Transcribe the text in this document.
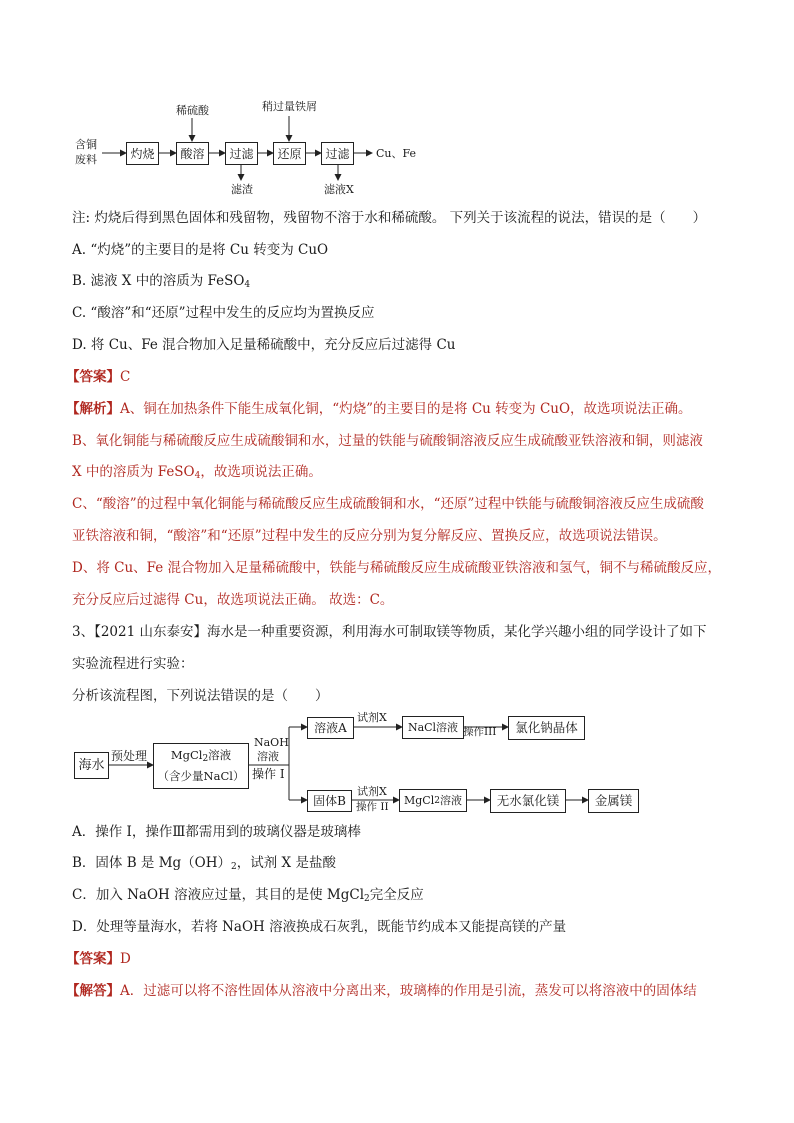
含铜
废料	灼烧	酸溶	过滤	还原	过滤
稀硫酸	稍过量铁屑
滤渣	滤液X
Cu、Fe
注: 灼烧后得到黑色固体和残留物，残留物不溶于水和稀硫酸。 下列关于该流程的说法，错误的是（　　）
A. “灼烧”的主要目的是将 Cu 转变为 CuO
B. 滤液 X 中的溶质为 FeSO$_4$
C. “酸溶”和“还原”过程中发生的反应均为置换反应
D. 将 Cu、Fe 混合物加入足量稀硫酸中，充分反应后过滤得 Cu
【答案】C
【解析】A、铜在加热条件下能生成氧化铜，“灼烧”的主要目的是将 Cu 转变为 CuO，故选项说法正确。
B、氧化铜能与稀硫酸反应生成硫酸铜和水，过量的铁能与硫酸铜溶液反应生成硫酸亚铁溶液和铜，则滤液
X 中的溶质为 FeSO$_4$，故选项说法正确。
C、“酸溶”的过程中氧化铜能与稀硫酸反应生成硫酸铜和水，“还原”过程中铁能与硫酸铜溶液反应生成硫酸
亚铁溶液和铜，“酸溶”和“还原”过程中发生的反应分别为复分解反应、置换反应，故选项说法错误。
D、将 Cu、Fe 混合物加入足量稀硫酸中，铁能与稀硫酸反应生成硫酸亚铁溶液和氢气，铜不与稀硫酸反应，
充分反应后过滤得 Cu，故选项说法正确。 故选：C。
3、【2021 山东泰安】海水是一种重要资源，利用海水可制取镁等物质，某化学兴趣小组的同学设计了如下
实验流程进行实验：
分析该流程图，下列说法错误的是（　　）
海水
预处理 MgCl$_2$溶液
（含少量NaCl）
NaOH
溶液
操作 I
溶液A
试剂X
NaCl溶液 操作III	氯化钠晶体
固体B
试剂X
操作 II
MgCl 2 溶液	无水氯化镁	金属镁
A．操作 I，操作Ⅲ都需用到的玻璃仪器是玻璃棒
B．固体 B 是 $Mg(OH)_2$，试剂 X 是盐酸
C．加入 NaOH 溶液应过量，其目的是使 MgCl$_2$完全反应
D．处理等量海水，若将 NaOH 溶液换成石灰乳，既能节约成本又能提高镁的产量
【答案】D
【解答】A．过滤可以将不溶性固体从溶液中分离出来，玻璃棒的作用是引流，蒸发可以将溶液中的固体结
